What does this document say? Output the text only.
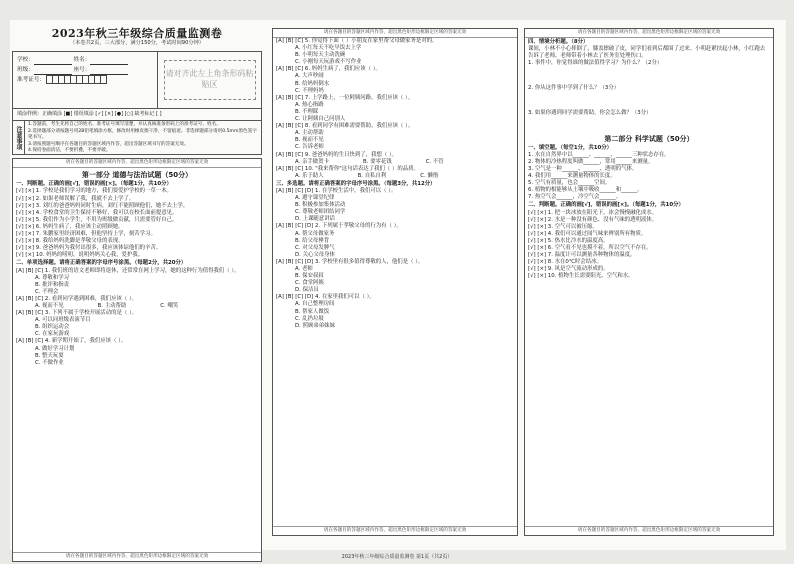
2023年秋三年级综合质量监测卷
（本卷共2页，三大部分，满分150分，考试时间90分钟）
学校：	姓名：
班级：	座号：
准考证号：
请对齐此左上角条形码粘贴区
填涂样例：正确填涂 [■] 错误填涂 [✓] [×] [●] [○] 缺考标记 [ ]
注意事项
1.答题前，考生先将自己的姓名、准考证号填写清楚，并认真核准条形码上的准考证号、姓名。
2.选择题部分请按题号用2B铅笔填涂方框，修改时用橡皮擦干净，不留痕迹。非选择题部分请用0.5mm黑色签字笔书写。
3.请按照题号顺序在各题目的答题区域内作答，超出答题区域书写的答案无效。
4.保持卷面清洁，不要折叠，不要弄破。
请在各题目的答题区域内作答，超出黑色矩形边框限定区域的答案无效
第一部分 道德与法治试题（50分）
一、判断题。正确的画[√]，错误的画[×]。（每题1分，共10分）
[√] [×] 1. 学校是我们学习的地方，我们要爱护学校的一草一木。
[√] [×] 2. 如果老师误解了我，我就不去上学了。
[√] [×] 3. 刘红的爸爸妈妈同时生病，刘红不能照顾他们，她不去上学。
[√] [×] 4. 学校食堂的卫生保持不够好，我可以在校长面前提意见。
[√] [×] 5. 我们作为小学生，不用为班级做贡献，只需要管好自己。
[√] [×] 6. 妈妈生病了，我应该主动照顾她。
[√] [×] 7. 朱鹏家里经济困难，但他坚持上学，刻苦学习。
[√] [×] 8. 我给妈妈洗脚是孝敬父母的表现。
[√] [×] 9. 爸爸妈妈为我付出很多，我应该体谅他们的辛苦。
[√] [×] 10. 妈妈的唠叨，说明妈妈关心我，爱护我。
二、单项选择题。请将正确答案的字母序号涂黑。（每题2分，共20分）
[A] [B] [C] 1. 我们班的语文老师即将退休，还常常在网上学习，她的这种行为值得我们（ ）。
A. 尊敬和学习
B. 批评和指责
C. 不理会
[A] [B] [C] 2. 看到同学遇到困难，我们应该（ ）。
A. 视而不见	B. 主动帮助	C. 嘲笑
[A] [B] [C] 3. 下列不属于学校开展活动的是（ ）。
A. 可以同班级表演节目
B. 组织运动会
C. 在家玩游戏
[A] [B] [C] 4. 新学期开始了，我们应该（ ）。
A. 做好学习计划
B. 整天玩耍
C. 不做作业
请在各题目的答题区域内作答，超出黑色矩形边框限定区域的答案无效
请在各题目的答题区域内作答，超出黑色矩形边框限定区域的答案无效
[A] [B] [C] 5. 你觉得下面（ ）小朋友在家里帮父母做家务是对的。
A. 小红每天不吃早饭去上学
B. 小明每天主动洗碗
C. 小刚每天玩游戏不写作业
[A] [B] [C] 6. 妈妈生病了，我们应该（ ）。
A. 大声吵闹
B. 给妈妈倒水
C. 不理妈妈
[A] [B] [C] 7. 上学路上，一位阿姨问路，我们应该（ ）。
A. 热心指路
B. 不理睬
C. 让阿姨自己问别人
[A] [B] [C] 8. 看到同学有困难需要帮助，我们应该（ ）。
A. 主动帮助
B. 视而不见
C. 告诉老师
[A] [B] [C] 9. 爸爸妈妈的生日快到了，我想（ ）。
A. 亲手做贺卡	B. 要零花钱	C. 不管
[A] [B] [C] 10. "我来帮你"这句话表达了我们（ ）的品质。
A. 乐于助人	B. 自私自利	C. 懒惰
三、多选题。请将正确答案的字母序号涂黑。（每题3分，共12分）
[A] [B] [C] [D] 1. 在学校生活中，我们可以（ ）。
A. 遵守课堂纪律
B. 积极参加集体活动
C. 尊敬老师团结同学
D. 上课随意讲话
[A] [B] [C] [D] 2. 下列属于孝敬父母的行为有（ ）。
A. 帮父母做家务
B. 给父母捶背
C. 对父母发脾气
D. 关心父母身体
[A] [B] [C] [D] 3. 学校里有很多值得尊敬的人，他们是（ ）。
A. 老师
B. 保安叔叔
C. 食堂阿姨
D. 保洁员
[A] [B] [C] [D] 4. 在家里我们可以（ ）。
A. 自己整理房间
B. 帮家人做饭
C. 乱扔垃圾
D. 照顾弟弟妹妹
请在各题目的答题区域内作答，超出黑色矩形边框限定区域的答案无效
请在各题目的答题区域内作答，超出黑色矩形边框限定区域的答案无效
四、情境分析题。（8分）
课间，小林不小心摔倒了，膝盖擦破了皮，同学们看到后都围了过来。小明赶紧扶起小林，小红跑去告诉了老师，老师带着小林去了医务室处理伤口。
1. 事件中，你觉得谁的做法值得学习？为什么？（2分）
2. 你从这件事中学到了什么？（3分）
3. 如果你遇到同学需要帮助，你会怎么做？（3分）
第二部分 科学试题（50分）
一、填空题。（每空1分，共10分）
1. 水在自然界中以______、______、______三种状态存在。
2. 物体的冷热程度叫做______，常用______来测量。
3. 空气是一种______、______、透明的气体。
4. 我们用______来测量物体的长度。
5. 空气有质量，也会______空间。
6. 植物的根能够从土壤中吸收______和______。
7. 热空气会______，冷空气会______。
二、判断题。正确的画[√]，错误的画[×]。（每题1分，共10分）
[√] [×] 1. 把一块冰放在阳光下，冰会慢慢融化成水。
[√] [×] 2. 水是一种没有颜色、没有气味的透明液体。
[√] [×] 3. 空气可以被压缩。
[√] [×] 4. 我们可以通过闻气味来辨别所有物质。
[√] [×] 5. 热水比冷水的温度高。
[√] [×] 6. 空气看不见也摸不着，所以空气不存在。
[√] [×] 7. 温度计可以测量各种物体的温度。
[√] [×] 8. 水在0℃时会结冰。
[√] [×] 9. 风是空气流动形成的。
[√] [×] 10. 植物生长需要阳光、空气和水。
请在各题目的答题区域内作答，超出黑色矩形边框限定区域的答案无效
2023年秋三年级综合质量监测卷 第1页（共2页）
